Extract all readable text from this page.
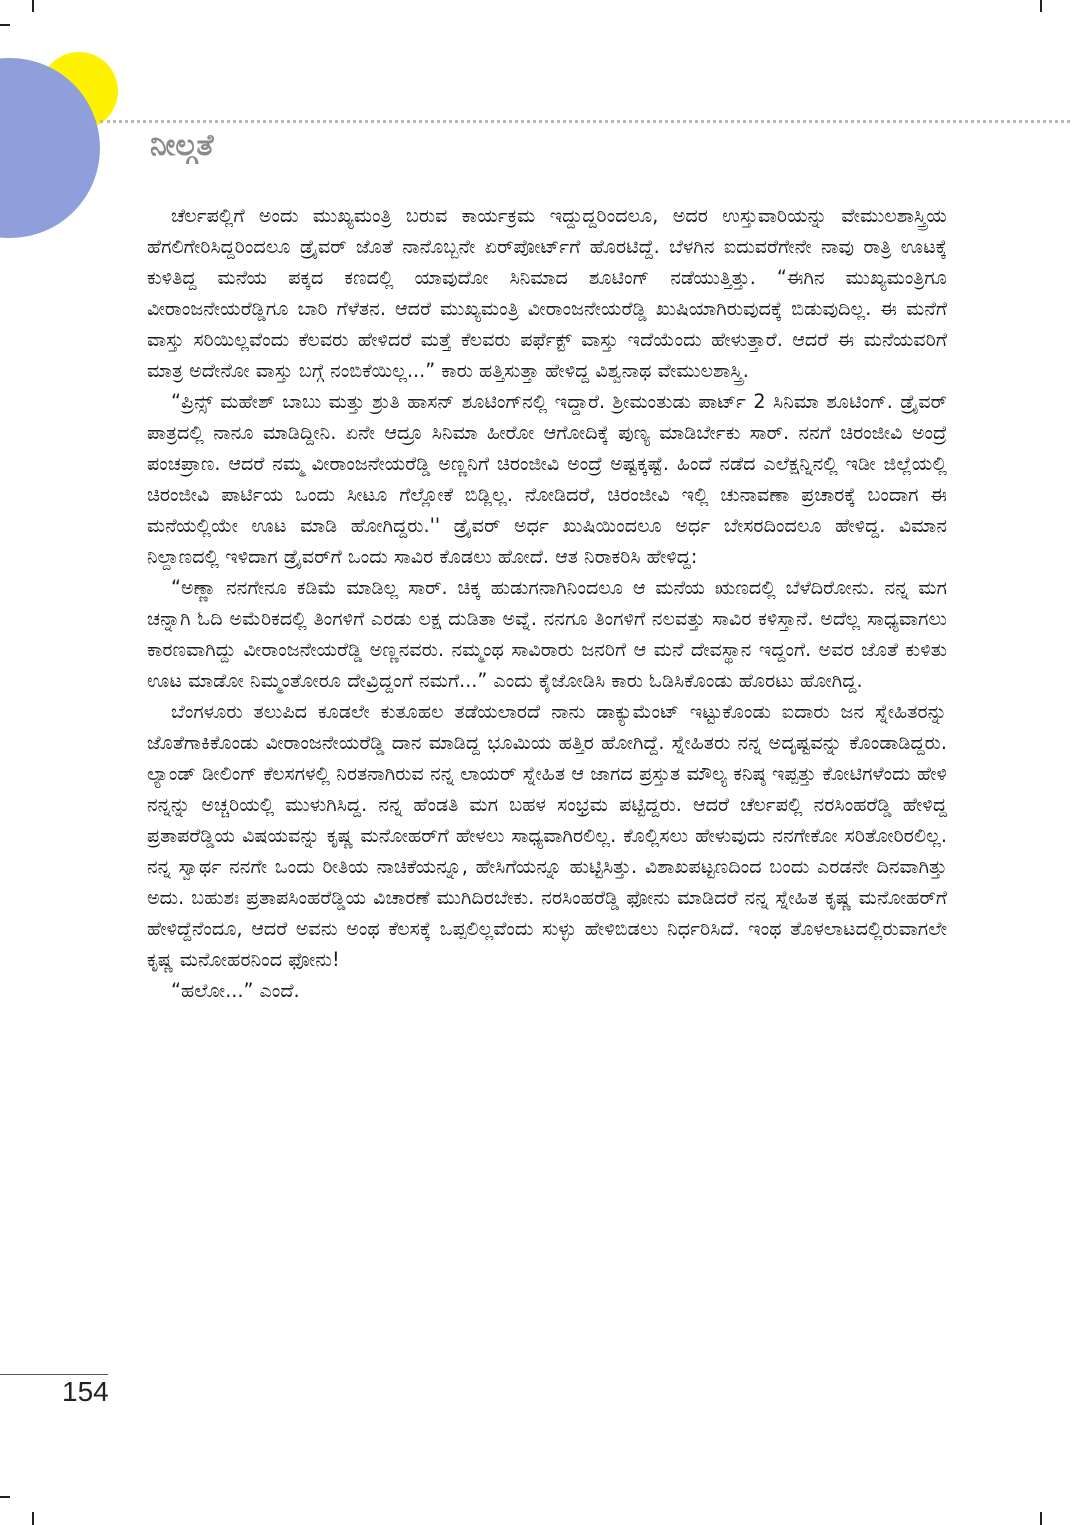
ನೀಲ್ಗತೆ

ಚೆರ್ಲಪಲ್ಲಿಗೆ ಅಂದು ಮುಖ್ಯಮಂತ್ರಿ ಬರುವ ಕಾರ್ಯಕ್ರಮ ಇದ್ದುದ್ದರಿಂದಲೂ, ಅದರ ಉಸ್ತುವಾರಿಯನ್ನು ವೇಮುಲಶಾಸ್ತ್ರಿಯ ಹೆಗಲಿಗೇರಿಸಿದ್ದರಿಂದಲೂ ಡ್ರೈವರ್ ಜೊತೆ ನಾನೊಬ್ಬನೇ ಏರ್‌ಪೋರ್ಟ್‌ಗೆ ಹೊರಟಿದ್ದೆ. ಬೆಳಗಿನ ಐದುವರೆಗೇನೇ ನಾವು ರಾತ್ರಿ ಊಟಕ್ಕೆ ಕುಳಿತಿದ್ದ ಮನೆಯ ಪಕ್ಕದ ಕಣದಲ್ಲಿ ಯಾವುದೋ ಸಿನಿಮಾದ ಶೂಟಿಂಗ್ ನಡೆಯುತ್ತಿತ್ತು. “ಈಗಿನ ಮುಖ್ಯಮಂತ್ರಿಗೂ ವೀರಾಂಜನೇಯರೆಡ್ಡಿಗೂ ಬಾರಿ ಗೆಳೆತನ. ಆದರೆ ಮುಖ್ಯಮಂತ್ರಿ ವೀರಾಂಜನೇಯರೆಡ್ಡಿ ಖುಷಿಯಾಗಿರುವುದಕ್ಕೆ ಬಿಡುವುದಿಲ್ಲ. ಈ ಮನೆಗೆ ವಾಸ್ತು ಸರಿಯಿಲ್ಲವೆಂದು ಕೆಲವರು ಹೇಳಿದರೆ ಮತ್ತೆ ಕೆಲವರು ಪರ್ಫೆಕ್ಟ್ ವಾಸ್ತು ಇದೆಯೆಂದು ಹೇಳುತ್ತಾರೆ. ಆದರೆ ಈ ಮನೆಯವರಿಗೆ ಮಾತ್ರ ಅದೇನೋ ವಾಸ್ತು ಬಗ್ಗೆ ನಂಬಿಕೆಯಿಲ್ಲ...” ಕಾರು ಹತ್ತಿಸುತ್ತಾ ಹೇಳಿದ್ದ ವಿಶ್ವನಾಥ ವೇಮುಲಶಾಸ್ತ್ರಿ.

“ಪ್ರಿನ್ಸ್ ಮಹೇಶ್ ಬಾಬು ಮತ್ತು ಶ್ರುತಿ ಹಾಸನ್ ಶೂಟಿಂಗ್‌ನಲ್ಲಿ ಇದ್ದಾರೆ. ಶ್ರೀಮಂತುಡು ಪಾರ್ಟ್ 2 ಸಿನಿಮಾ ಶೂಟಿಂಗ್. ಡ್ರೈವರ್ ಪಾತ್ರದಲ್ಲಿ ನಾನೂ ಮಾಡಿದ್ದೀನಿ. ಏನೇ ಆದ್ರೂ ಸಿನಿಮಾ ಹೀರೋ ಆಗೋದಿಕ್ಕೆ ಪುಣ್ಯ ಮಾಡಿರ್ಬೇಕು ಸಾರ್. ನನಗೆ ಚಿರಂಜೀವಿ ಅಂದ್ರೆ ಪಂಚಪ್ರಾಣ. ಆದರೆ ನಮ್ಮ ವೀರಾಂಜನೇಯರೆಡ್ಡಿ ಅಣ್ಣನಿಗೆ ಚಿರಂಜೀವಿ ಅಂದ್ರೆ ಅಷ್ಟಕ್ಕಷ್ಟೆ. ಹಿಂದೆ ನಡೆದ ಎಲೆಕ್ಷನ್ನಿನಲ್ಲಿ ಇಡೀ ಜಿಲ್ಲೆಯಲ್ಲಿ ಚಿರಂಜೀವಿ ಪಾರ್ಟಿಯ ಒಂದು ಸೀಟೂ ಗೆಲ್ಲೋಕೆ ಬಿಡ್ಲಿಲ್ಲ. ನೋಡಿದರೆ, ಚಿರಂಜೀವಿ ಇಲ್ಲಿ ಚುನಾವಣಾ ಪ್ರಚಾರಕ್ಕೆ ಬಂದಾಗ ಈ ಮನೆಯಲ್ಲಿಯೇ ಊಟ ಮಾಡಿ ಹೋಗಿದ್ದರು.'' ಡ್ರೈವರ್ ಅರ್ಧ ಖುಷಿಯಿಂದಲೂ ಅರ್ಧ ಬೇಸರದಿಂದಲೂ ಹೇಳಿದ್ದ. ವಿಮಾನ ನಿಲ್ದಾಣದಲ್ಲಿ ಇಳಿದಾಗ ಡ್ರೈವರ್‌ಗೆ ಒಂದು ಸಾವಿರ ಕೊಡಲು ಹೋದೆ. ಆತ ನಿರಾಕರಿಸಿ ಹೇಳಿದ್ದ:

“ಅಣ್ಣಾ ನನಗೇನೂ ಕಡಿಮೆ ಮಾಡಿಲ್ಲ ಸಾರ್. ಚಿಕ್ಕ ಹುಡುಗನಾಗಿನಿಂದಲೂ ಆ ಮನೆಯ ಋಣದಲ್ಲಿ ಬೆಳೆದಿರೋನು. ನನ್ನ ಮಗ ಚನ್ನಾಗಿ ಓದಿ ಅಮೆರಿಕದಲ್ಲಿ ತಿಂಗಳಿಗೆ ಎರಡು ಲಕ್ಷ ದುಡಿತಾ ಅವ್ನೆ. ನನಗೂ ತಿಂಗಳಿಗೆ ನಲವತ್ತು ಸಾವಿರ ಕಳಿಸ್ತಾನೆ. ಅದೆಲ್ಲ ಸಾಧ್ಯವಾಗಲು ಕಾರಣವಾಗಿದ್ದು ವೀರಾಂಜನೇಯರೆಡ್ಡಿ ಅಣ್ಣನವರು. ನಮ್ಮಂಥ ಸಾವಿರಾರು ಜನರಿಗೆ ಆ ಮನೆ ದೇವಸ್ಥಾನ ಇದ್ದಂಗೆ. ಅವರ ಜೊತೆ ಕುಳಿತು ಊಟ ಮಾಡೋ ನಿಮ್ಮಂತೋರೂ ದೇವ್ರಿದ್ದಂಗೆ ನಮಗೆ...” ಎಂದು ಕೈಜೋಡಿಸಿ ಕಾರು ಓಡಿಸಿಕೊಂಡು ಹೊರಟು ಹೋಗಿದ್ದ.

ಬೆಂಗಳೂರು ತಲುಪಿದ ಕೂಡಲೇ ಕುತೂಹಲ ತಡೆಯಲಾರದೆ ನಾನು ಡಾಕ್ಯುಮೆಂಟ್ ಇಟ್ಟುಕೊಂಡು ಐದಾರು ಜನ ಸ್ನೇಹಿತರನ್ನು ಜೊತೆಗಾಕಿಕೊಂಡು ವೀರಾಂಜನೇಯರೆಡ್ಡಿ ದಾನ ಮಾಡಿದ್ದ ಭೂಮಿಯ ಹತ್ತಿರ ಹೋಗಿದ್ದೆ. ಸ್ನೇಹಿತರು ನನ್ನ ಅದೃಷ್ಟವನ್ನು ಕೊಂಡಾಡಿದ್ದರು. ಲ್ಯಾಂಡ್ ಡೀಲಿಂಗ್ ಕೆಲಸಗಳಲ್ಲಿ ನಿರತನಾಗಿರುವ ನನ್ನ ಲಾಯರ್ ಸ್ನೇಹಿತ ಆ ಜಾಗದ ಪ್ರಸ್ತುತ ಮೌಲ್ಯ ಕನಿಷ್ಠ ಇಪ್ಪತ್ತು ಕೋಟಿಗಳೆಂದು ಹೇಳಿ ನನ್ನನ್ನು ಅಚ್ಚರಿಯಲ್ಲಿ ಮುಳುಗಿಸಿದ್ದ. ನನ್ನ ಹೆಂಡತಿ ಮಗ ಬಹಳ ಸಂಭ್ರಮ ಪಟ್ಟಿದ್ದರು. ಆದರೆ ಚೆರ್ಲಪಲ್ಲಿ ನರಸಿಂಹರೆಡ್ಡಿ ಹೇಳಿದ್ದ ಪ್ರತಾಪರೆಡ್ಡಿಯ ವಿಷಯವನ್ನು ಕೃಷ್ಣ ಮನೋಹರ್‌ಗೆ ಹೇಳಲು ಸಾಧ್ಯವಾಗಿರಲಿಲ್ಲ. ಕೊಲ್ಲಿಸಲು ಹೇಳುವುದು ನನಗೇಕೋ ಸರಿತೋರಿರಲಿಲ್ಲ. ನನ್ನ ಸ್ವಾರ್ಥ ನನಗೇ ಒಂದು ರೀತಿಯ ನಾಚಿಕೆಯನ್ನೂ, ಹೇಸಿಗೆಯನ್ನೂ ಹುಟ್ಟಿಸಿತ್ತು. ವಿಶಾಖಪಟ್ಟಣದಿಂದ ಬಂದು ಎರಡನೇ ದಿನವಾಗಿತ್ತು ಅದು. ಬಹುಶಃ ಪ್ರತಾಪಸಿಂಹರೆಡ್ಡಿಯ ವಿಚಾರಣೆ ಮುಗಿದಿರಬೇಕು. ನರಸಿಂಹರೆಡ್ಡಿ ಫೋನು ಮಾಡಿದರೆ ನನ್ನ ಸ್ನೇಹಿತ ಕೃಷ್ಣ ಮನೋಹರ್‌ಗೆ ಹೇಳಿದ್ದೆನೆಂದೂ, ಆದರೆ ಅವನು ಅಂಥ ಕೆಲಸಕ್ಕೆ ಒಪ್ಪಲಿಲ್ಲವೆಂದು ಸುಳ್ಳು ಹೇಳಿಬಿಡಲು ನಿರ್ಧರಿಸಿದೆ. ಇಂಥ ತೊಳಲಾಟದಲ್ಲಿರುವಾಗಲೇ ಕೃಷ್ಣ ಮನೋಹರನಿಂದ ಫೋನು!

“ಹಲೋ...” ಎಂದೆ.

154
